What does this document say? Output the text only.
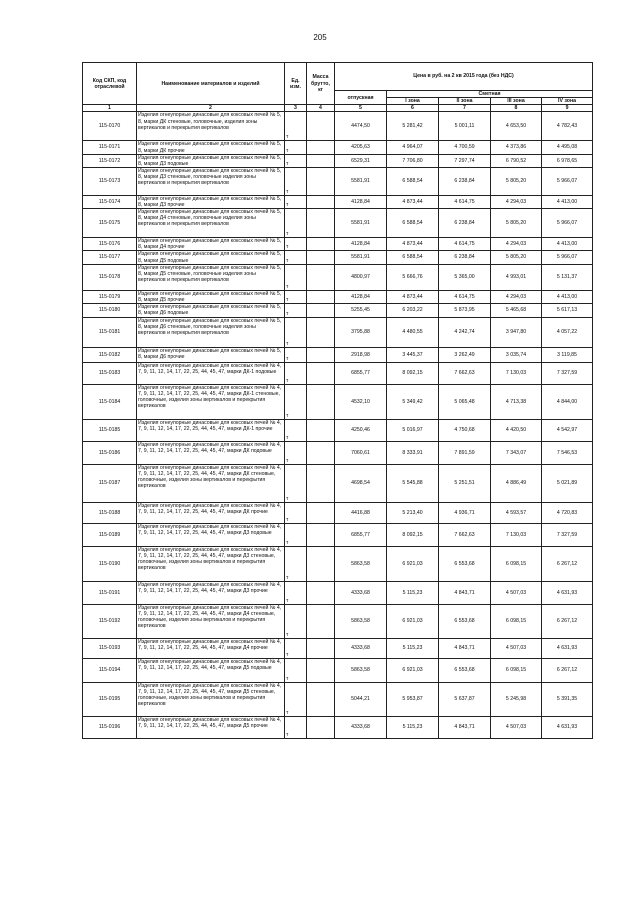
205
Код СКП, код отраслевой	Наименование материалов и изделий	Ед. изм.	Масса брутто, кг	Цена в руб. на 2 кв 2015 года (без НДС)				
				отпускная	Сметная			
					I зона	II зона	III зона	IV зона
1	2	3	4	5	6	7	8	9
115-0170	Изделия огнеупорные динасовые для коксовых печей № 5, 8, марки ДК стеновые, головочные, изделия зоны вертикалов и перекрытия вертикалов	т		4474,50	5 281,42	5 001,11	4 653,50	4 782,43
115-0171	Изделия огнеупорные динасовые для коксовых печей № 5, 8, марки ДК прочие	т		4205,63	4 964,07	4 700,59	4 373,86	4 495,08
115-0172	Изделия огнеупорные динасовые для коксовых печей № 5, 8, марки Д3 подовые	т		6529,31	7 706,80	7 297,74	6 790,52	6 978,65
115-0173	Изделия огнеупорные динасовые для коксовых печей № 5, 8, марки Д3 стеновые, головочные изделия зоны вертикалов и перекрытия вертикалов	т		5581,91	6 588,54	6 238,84	5 805,20	5 966,07
115-0174	Изделия огнеупорные динасовые для коксовых печей № 5, 8, марки Д3 прочие	т		4128,84	4 873,44	4 614,75	4 294,03	4 413,00
115-0175	Изделия огнеупорные динасовые для коксовых печей № 5, 8, марки Д4 стеновые, головочные изделия зоны вертикалов и перекрытия вертикалов	т		5581,91	6 588,54	6 238,84	5 805,20	5 966,07
115-0176	Изделия огнеупорные динасовые для коксовых печей № 5, 8, марки Д4 прочие	т		4128,84	4 873,44	4 614,75	4 294,03	4 413,00
115-0177	Изделия огнеупорные динасовые для коксовых печей № 5, 8, марки Д5 подовые	т		5581,91	6 588,54	6 238,84	5 805,20	5 966,07
115-0178	Изделия огнеупорные динасовые для коксовых печей № 5, 8, марки Д5 стеновые, головочные изделия зоны вертикалов и перекрытия вертикалов	т		4800,97	5 666,76	5 365,00	4 993,01	5 131,37
115-0179	Изделия огнеупорные динасовые для коксовых печей № 5, 8, марки Д5 прочие	т		4128,84	4 873,44	4 614,75	4 294,03	4 413,00
115-0180	Изделия огнеупорные динасовые для коксовых печей № 5, 8, марки Д6 подовые	т		5255,45	6 203,22	5 873,95	5 465,68	5 617,13
115-0181	Изделия огнеупорные динасовые для коксовых печей № 5, 8, марки Д6 стеновые, головочные изделия зоны вертикалов и перекрытия вертикалов	т		3795,88	4 480,55	4 242,74	3 947,80	4 057,22
115-0182	Изделия огнеупорные динасовые для коксовых печей № 5, 8, марки Д6 прочие	т		2918,98	3 445,37	3 262,49	3 035,74	3 119,85
115-0183	Изделия огнеупорные динасовые для коксовых печей № 4, 7, 9, 11, 12, 14, 17, 22, 25, 44, 45, 47, марки ДК-1 подовые	т		6855,77	8 092,15	7 662,63	7 130,03	7 327,59
115-0184	Изделия огнеупорные динасовые для коксовых печей № 4, 7, 9, 11, 12, 14, 17, 22, 25, 44, 45, 47, марки ДК-1 стеновые, головочные, изделия зоны вертикалов и перекрытия вертикалов	т		4532,10	5 349,42	5 065,48	4 713,38	4 844,00
115-0185	Изделия огнеупорные динасовые для коксовых печей № 4, 7, 9, 11, 12, 14, 17, 22, 25, 44, 45, 47, марки ДК-1 прочие	т		4250,46	5 016,97	4 750,68	4 420,50	4 542,97
115-0186	Изделия огнеупорные динасовые для коксовых печей № 4, 7, 9, 11, 12, 14, 17, 22, 25, 44, 45, 47, марки ДК подовые	т		7060,61	8 333,91	7 891,59	7 343,07	7 546,53
115-0187	Изделия огнеупорные динасовые для коксовых печей № 4, 7, 9, 11, 12, 14, 17, 22, 25, 44, 45, 47, марки ДК стеновые, головочные, изделия зоны вертикалов и перекрытия вертикалов	т		4698,54	5 545,88	5 251,51	4 886,49	5 021,89
115-0188	Изделия огнеупорные динасовые для коксовых печей № 4, 7, 9, 11, 12, 14, 17, 22, 25, 44, 45, 47, марки ДК прочие	т		4416,88	5 213,40	4 936,71	4 593,57	4 720,83
115-0189	Изделия огнеупорные динасовые для коксовых печей № 4, 7, 9, 11, 12, 14, 17, 22, 25, 44, 45, 47, марки Д3 подовые	т		6855,77	8 092,15	7 662,63	7 130,03	7 327,59
115-0190	Изделия огнеупорные динасовые для коксовых печей № 4, 7, 9, 11, 12, 14, 17, 22, 25, 44, 45, 47, марки Д3 стеновые, головочные, изделия зоны вертикалов и перекрытия вертикалов	т		5863,58	6 921,03	6 553,68	6 098,15	6 267,12
115-0191	Изделия огнеупорные динасовые для коксовых печей № 4, 7, 9, 11, 12, 14, 17, 22, 25, 44, 45, 47, марки Д3 прочие	т		4333,68	5 115,23	4 843,71	4 507,03	4 631,93
115-0192	Изделия огнеупорные динасовые для коксовых печей № 4, 7, 9, 11, 12, 14, 17, 22, 25, 44, 45, 47, марки Д4 стеновые, головочные, изделия зоны вертикалов и перекрытия вертикалов	т		5863,58	6 921,03	6 553,68	6 098,15	6 267,12
115-0193	Изделия огнеупорные динасовые для коксовых печей № 4, 7, 9, 11, 12, 14, 17, 22, 25, 44, 45, 47, марки Д4 прочие	т		4333,68	5 115,23	4 843,71	4 507,03	4 631,93
115-0194	Изделия огнеупорные динасовые для коксовых печей № 4, 7, 9, 11, 12, 14, 17, 22, 25, 44, 45, 47, марки Д5 подовые	т		5863,58	6 921,03	6 553,68	6 098,15	6 267,12
115-0195	Изделия огнеупорные динасовые для коксовых печей № 4, 7, 9, 11, 12, 14, 17, 22, 25, 44, 45, 47, марки Д5 стеновые, головочные, изделия зоны вертикалов и перекрытия вертикалов	т		5044,21	5 953,87	5 637,87	5 245,98	5 391,35
115-0196	Изделия огнеупорные динасовые для коксовых печей № 4, 7, 9, 11, 12, 14, 17, 22, 25, 44, 45, 47, марки Д5 прочие	т		4333,68	5 115,23	4 843,71	4 507,03	4 631,93
